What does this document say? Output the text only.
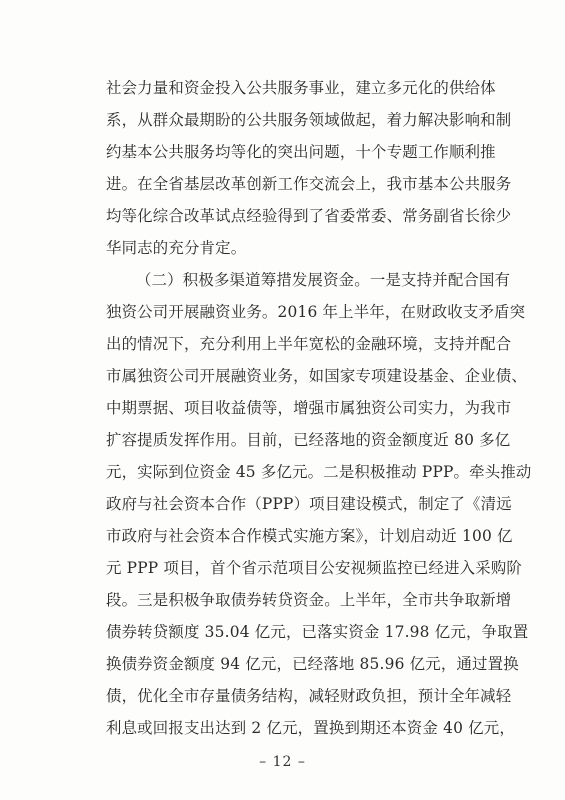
社会力量和资金投入公共服务事业，建立多元化的供给体
系，从群众最期盼的公共服务领域做起，着力解决影响和制
约基本公共服务均等化的突出问题，十个专题工作顺利推
进。在全省基层改革创新工作交流会上，我市基本公共服务
均等化综合改革试点经验得到了省委常委、常务副省长徐少
华同志的充分肯定。
（二）积极多渠道筹措发展资金。一是支持并配合国有
独资公司开展融资业务。2016 年上半年，在财政收支矛盾突
出的情况下，充分利用上半年宽松的金融环境，支持并配合
市属独资公司开展融资业务，如国家专项建设基金、企业债、
中期票据、项目收益债等，增强市属独资公司实力，为我市
扩容提质发挥作用。目前，已经落地的资金额度近 80 多亿
元，实际到位资金 45 多亿元。二是积极推动 PPP。牵头推动
政府与社会资本合作（PPP）项目建设模式，制定了《清远
市政府与社会资本合作模式实施方案》，计划启动近 100 亿
元 PPP 项目，首个省示范项目公安视频监控已经进入采购阶
段。三是积极争取债券转贷资金。上半年，全市共争取新增
债券转贷额度 35.04 亿元，已落实资金 17.98 亿元，争取置
换债券资金额度 94 亿元，已经落地 85.96 亿元，通过置换
债，优化全市存量债务结构，减轻财政负担，预计全年减轻
利息或回报支出达到 2 亿元，置换到期还本资金 40 亿元，
– 12 –
